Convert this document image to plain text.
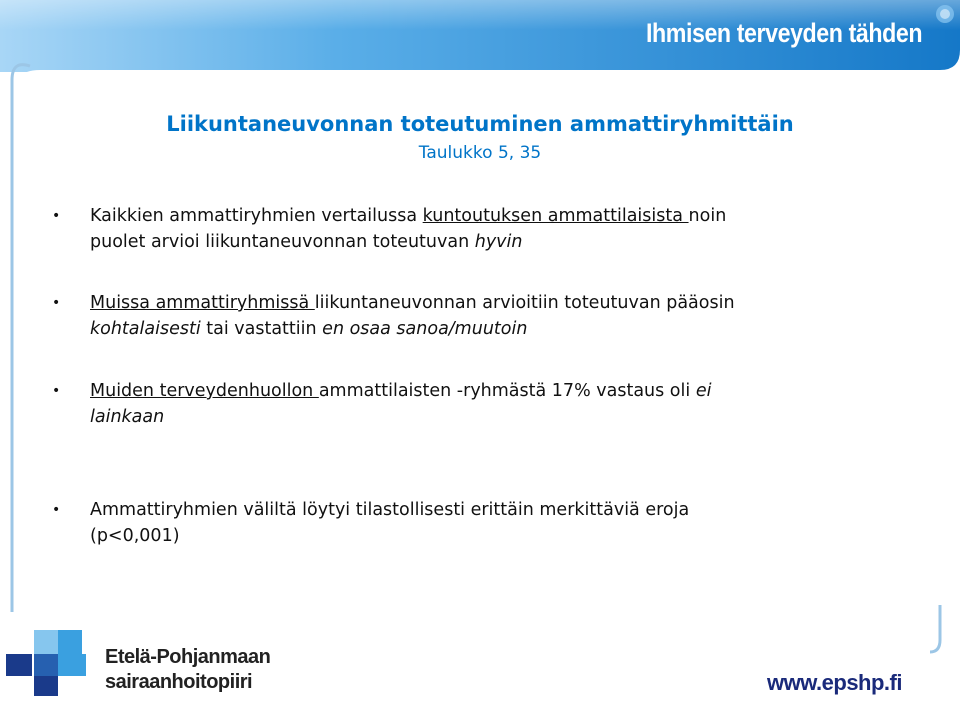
Ihmisen terveyden tähden
Liikuntaneuvonnan toteutuminen ammattiryhmittäin
Taulukko 5, 35
• Kaikkien ammattiryhmien vertailussa kuntoutuksen ammattilaisista noin
puolet arvioi liikuntaneuvonnan toteutuvan hyvin
• Muissa ammattiryhmissä liikuntaneuvonnan arvioitiin toteutuvan pääosin
kohtalaisesti tai vastattiin en osaa sanoa/muutoin
• Muiden terveydenhuollon ammattilaisten -ryhmästä 17% vastaus oli ei
lainkaan
• Ammattiryhmien väliltä löytyi tilastollisesti erittäin merkittäviä eroja
(p<0,001)
Etelä-Pohjanmaan
sairaanhoitopiiri	www.epshp.fi
